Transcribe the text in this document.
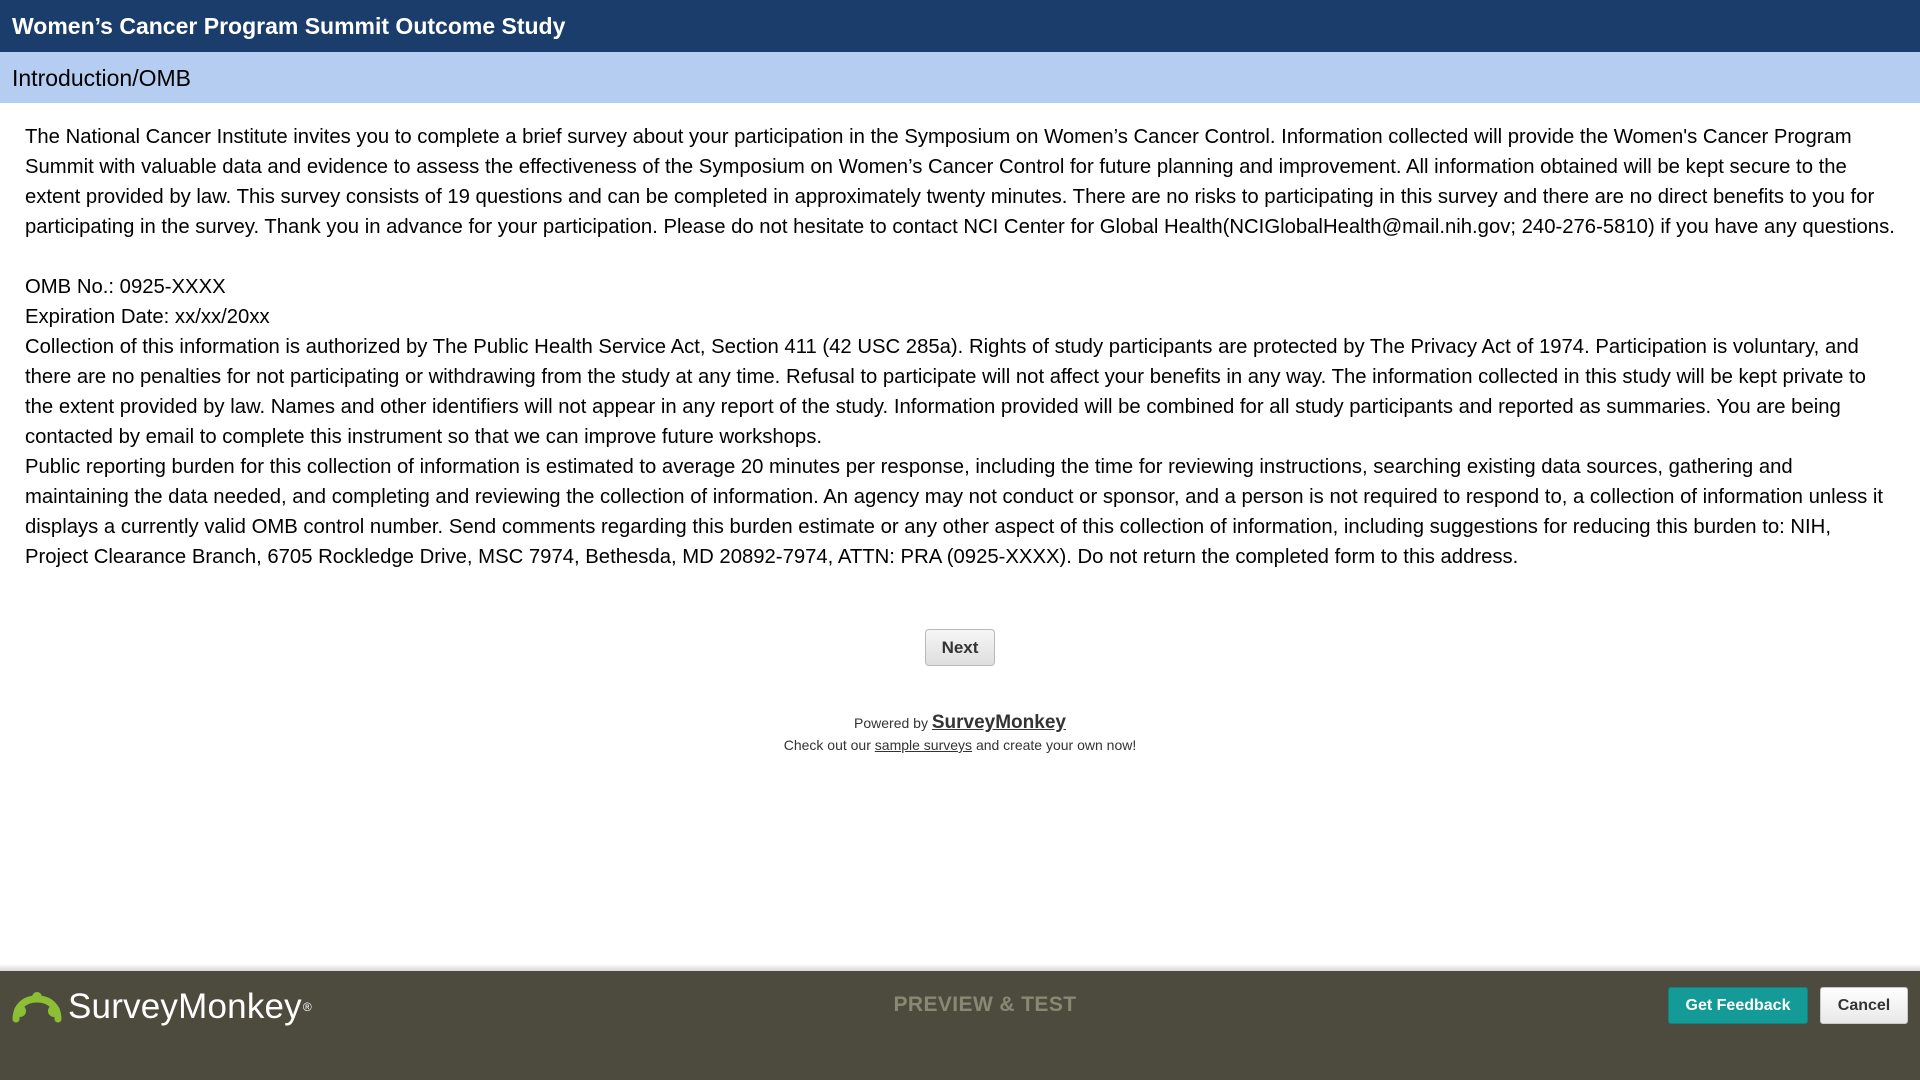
Women’s Cancer Program Summit Outcome Study
Introduction/OMB

The National Cancer Institute invites you to complete a brief survey about your participation in the Symposium on Women’s Cancer Control. Information collected will provide the Women's Cancer Program Summit with valuable data and evidence to assess the effectiveness of the Symposium on Women’s Cancer Control for future planning and improvement. All information obtained will be kept secure to the extent provided by law. This survey consists of 19 questions and can be completed in approximately twenty minutes. There are no risks to participating in this survey and there are no direct benefits to you for participating in the survey. Thank you in advance for your participation. Please do not hesitate to contact NCI Center for Global Health(NCIGlobalHealth@mail.nih.gov; 240-276-5810) if you have any questions.

OMB No.: 0925-XXXX

Expiration Date: xx/xx/20xx

Collection of this information is authorized by The Public Health Service Act, Section 411 (42 USC 285a). Rights of study participants are protected by The Privacy Act of 1974. Participation is voluntary, and there are no penalties for not participating or withdrawing from the study at any time. Refusal to participate will not affect your benefits in any way. The information collected in this study will be kept private to the extent provided by law. Names and other identifiers will not appear in any report of the study. Information provided will be combined for all study participants and reported as summaries. You are being contacted by email to complete this instrument so that we can improve future workshops.

Public reporting burden for this collection of information is estimated to average 20 minutes per response, including the time for reviewing instructions, searching existing data sources, gathering and maintaining the data needed, and completing and reviewing the collection of information. An agency may not conduct or sponsor, and a person is not required to respond to, a collection of information unless it displays a currently valid OMB control number. Send comments regarding this burden estimate or any other aspect of this collection of information, including suggestions for reducing this burden to: NIH, Project Clearance Branch, 6705 Rockledge Drive, MSC 7974, Bethesda, MD 20892-7974, ATTN: PRA (0925-XXXX). Do not return the completed form to this address.

Next
Powered by SurveyMonkey
Check out our sample surveys and create your own now!
SurveyMonkey ®	PREVIEW & TEST	Get Feedback	Cancel
